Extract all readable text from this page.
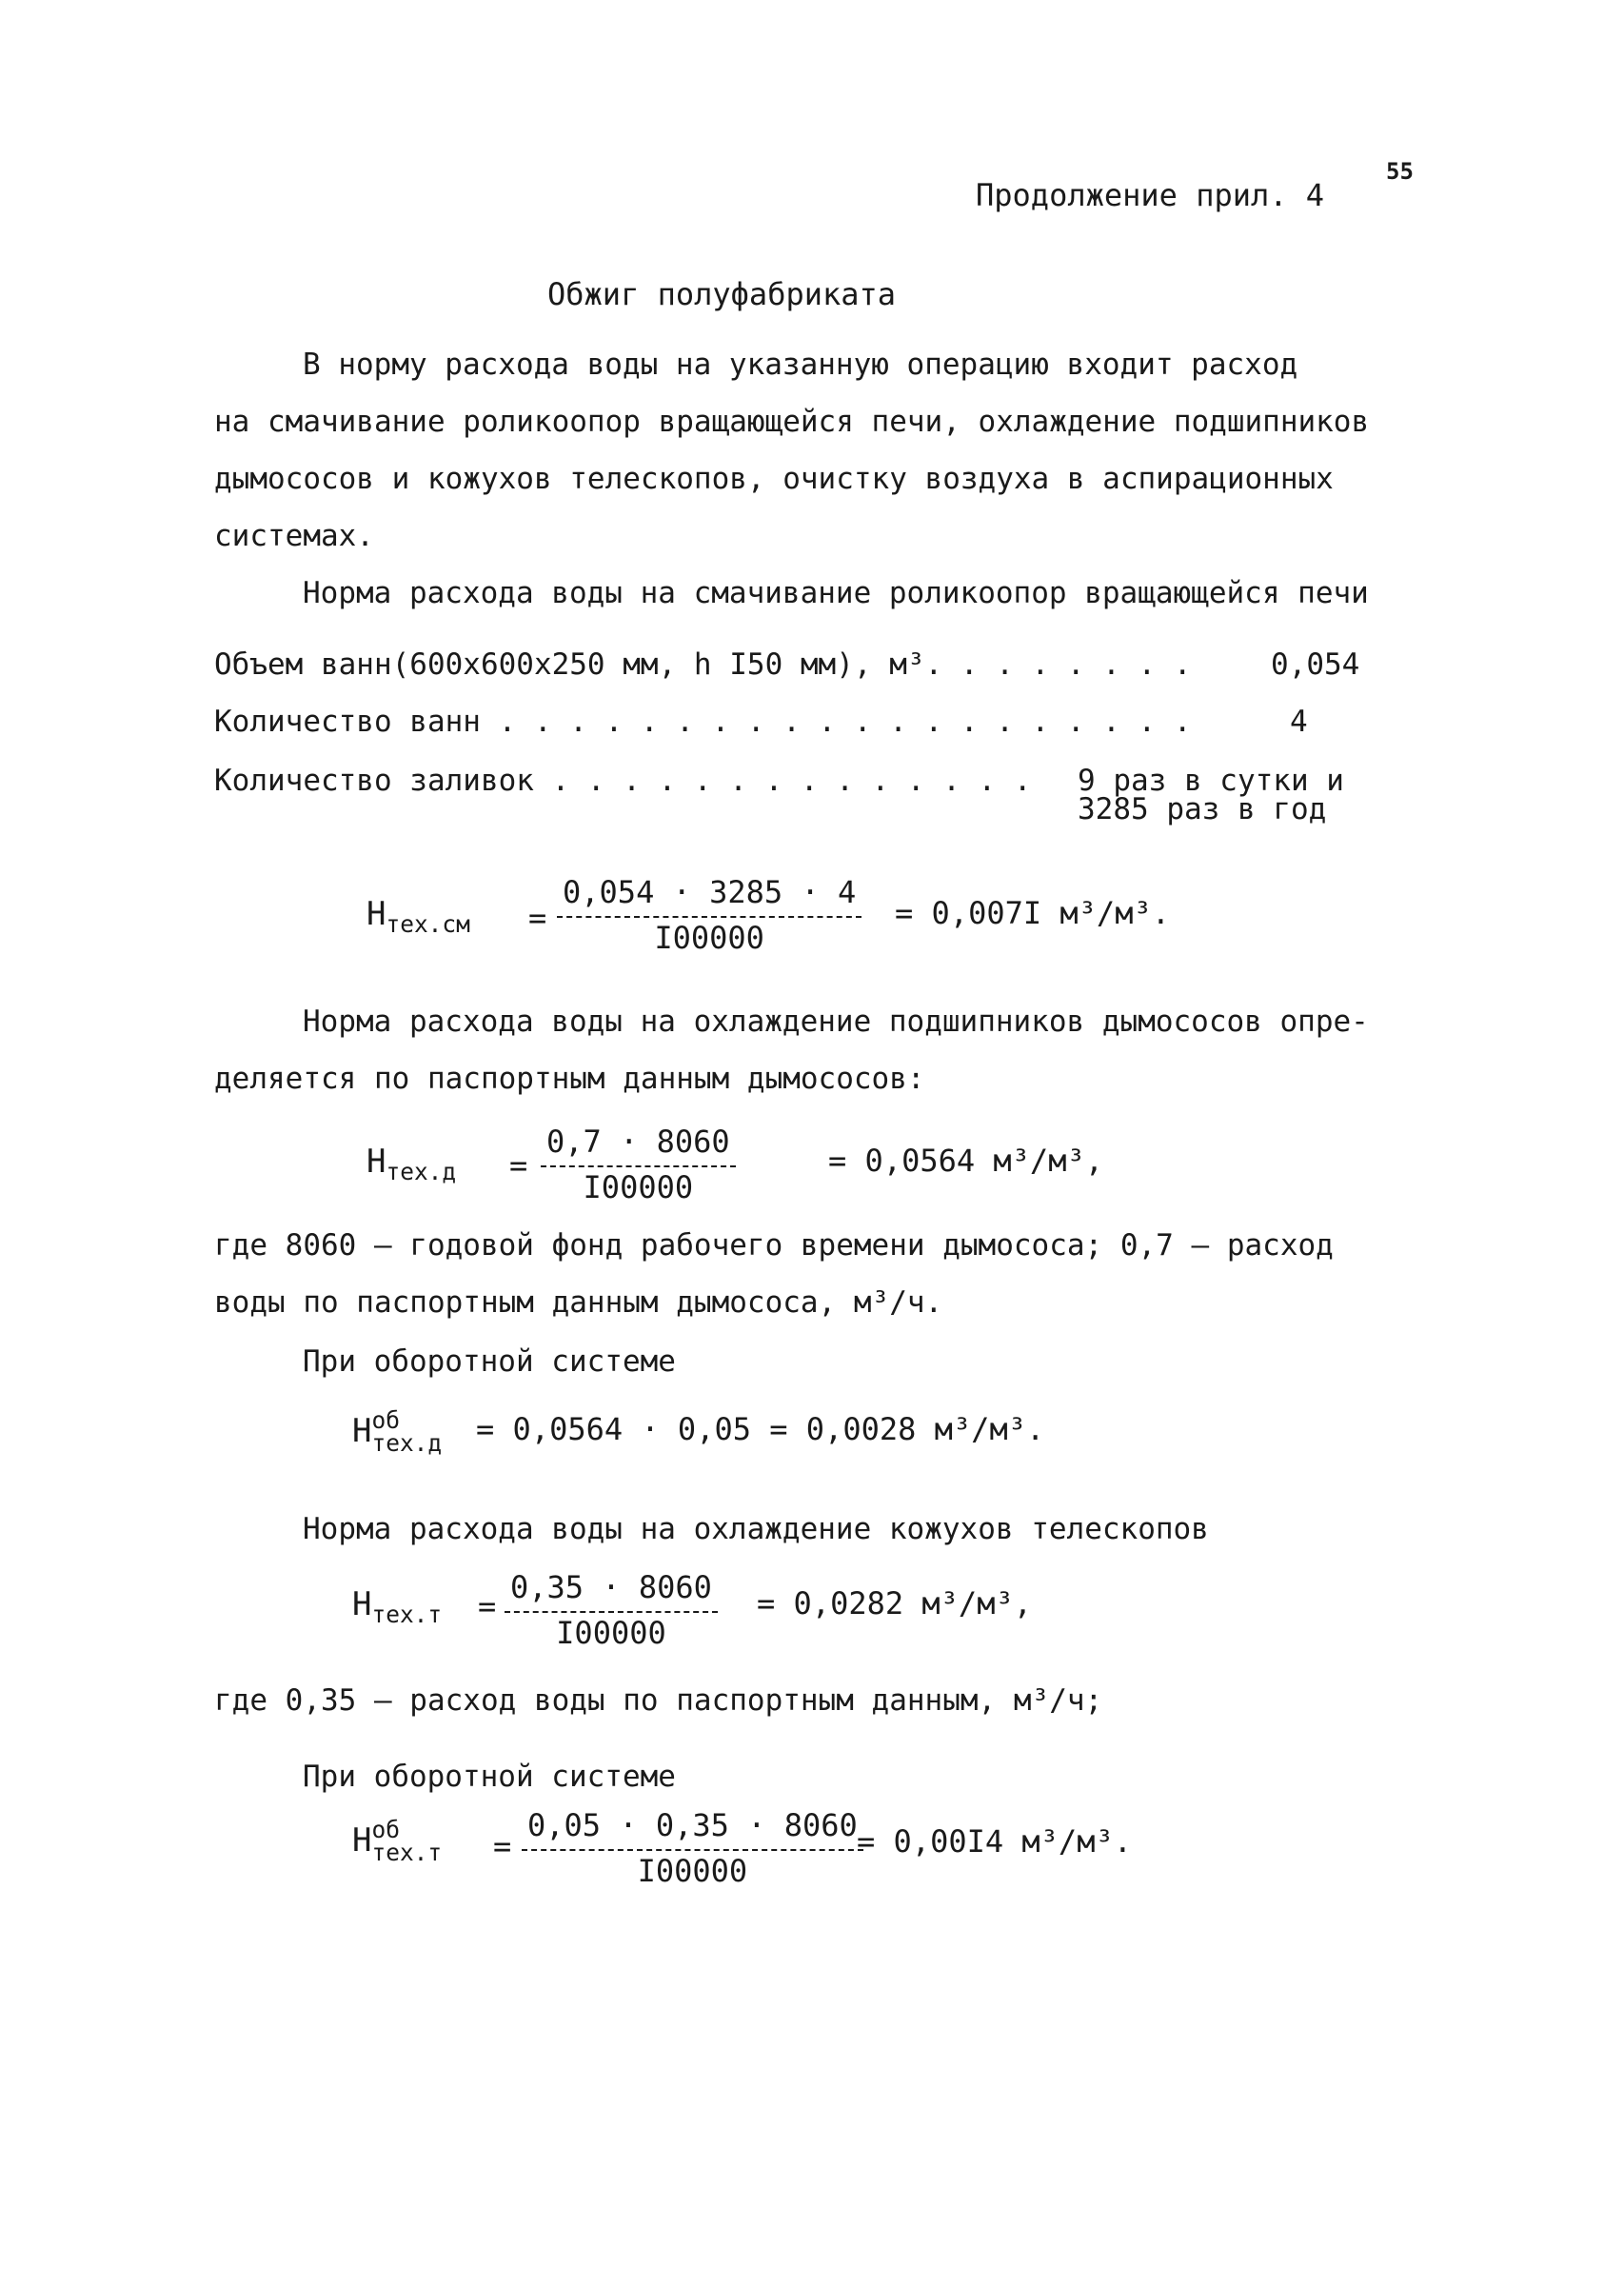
55
Продолжение прил. 4
Обжиг полуфабриката
В норму расхода воды на указанную операцию входит расход
на смачивание роликоопор вращающейся печи, охлаждение подшипников
дымососов и кожухов телескопов, очистку воздуха в аспирационных
системах.
Норма расхода воды на смачивание роликоопор вращающейся печи
Объем ванн(600x600x250 мм, h I50 мм), м³. . . . . . . .	0,054
Количество ванн . . . . . . . . . . . . . . . . . . . .	4
Количество заливок . . . . . . . . . . . . . . 9 раз в сутки и
3285 раз в год
$Н_{тех.см} = \frac{0,054 \cdot 3285 \cdot 4}{I00000} = 0,007I$ м³/м³.
Норма расхода воды на охлаждение подшипников дымососов опре-
деляется по паспортным данным дымососов:
$Н_{тех.д} = \frac{0,7 \cdot 8060}{I00000}$	= 0,0564 м³/м³,
где 8060 – годовой фонд рабочего времени дымососа; 0,7 – расход
воды по паспортным данным дымососа, м³/ч.
При оборотной системе
Н об
тех.д = 0,0564 · 0,05 = 0,0028 м³/м³.
Норма расхода воды на охлаждение кожухов телескопов
$Н_{тех.т} = \frac{0,35 \cdot 8060}{I00000} = 0,0282$ м³/м³,
где 0,35 – расход воды по паспортным данным, м³/ч;
При оборотной системе
Н об
$тех.т = \frac{0,05 \cdot 0,35 \cdot 8060}{I00000}$
= 0,00I4 м³/м³.
